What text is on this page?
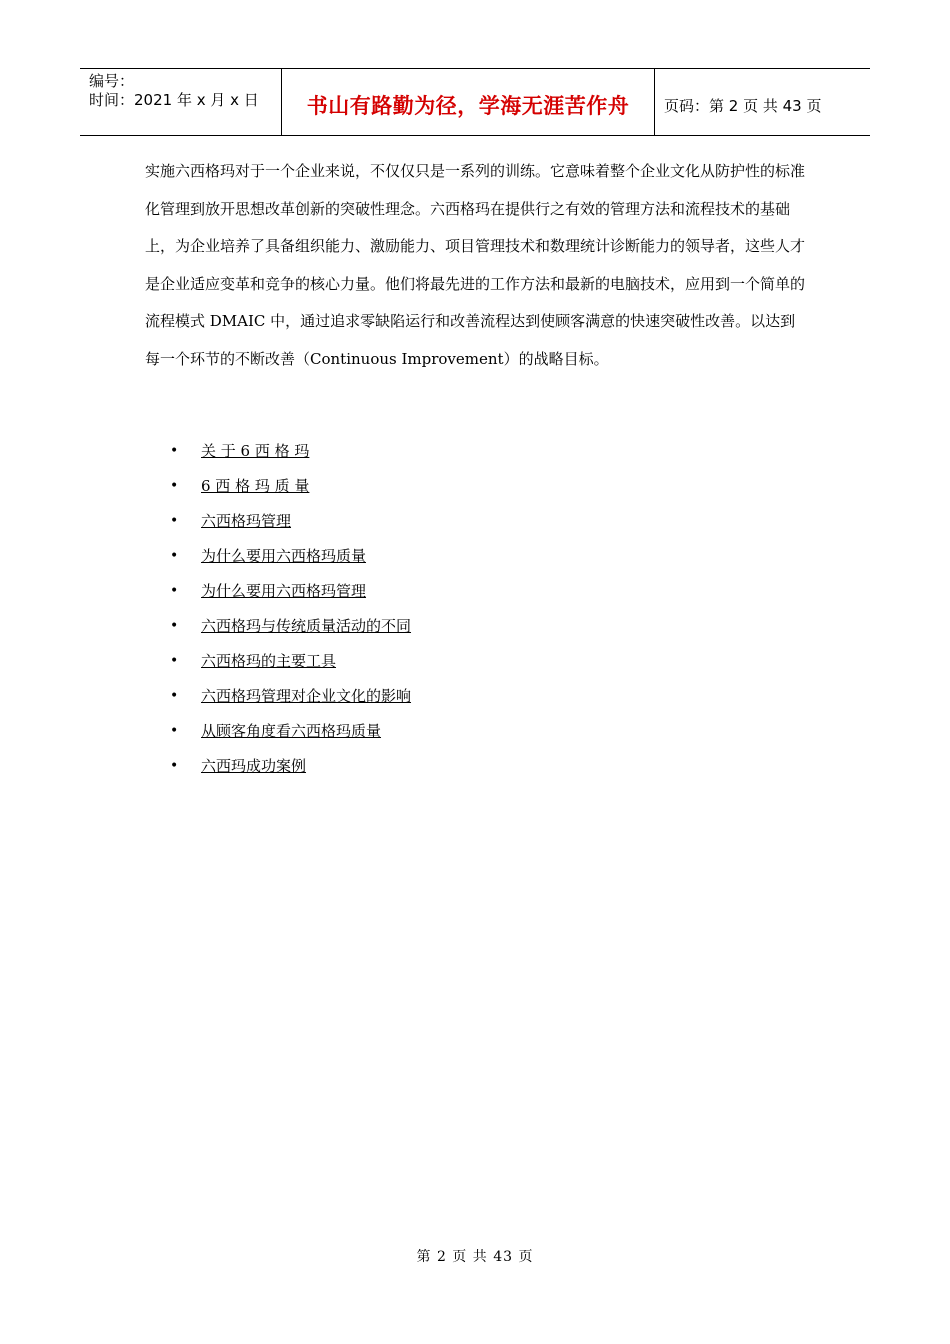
编号：
时间：2021 年 x 月 x 日	书山有路勤为径，学海无涯苦作舟 页码：第 2 页 共 43 页

实施六西格玛对于一个企业来说，不仅仅只是一系列的训练。它意味着整个企业文化从防护性的标准化管理到放开思想改革创新的突破性理念。六西格玛在提供行之有效的管理方法和流程技术的基础上，为企业培养了具备组织能力、激励能力、项目管理技术和数理统计诊断能力的领导者，这些人才是企业适应变革和竞争的核心力量。他们将最先进的工作方法和最新的电脑技术，应用到一个简单的流程模式 DMAIC 中，通过追求零缺陷运行和改善流程达到使顾客满意的快速突破性改善。以达到每一个环节的不断改善（Continuous Improvement）的战略目标。

• 关 于 6 西 格 玛
• 6 西 格 玛 质 量
• 六西格玛管理
• 为什么要用六西格玛质量
• 为什么要用六西格玛管理
• 六西格玛与传统质量活动的不同
• 六西格玛的主要工具
• 六西格玛管理对企业文化的影响
• 从顾客角度看六西格玛质量
• 六西玛成功案例
第 2 页 共 43 页
